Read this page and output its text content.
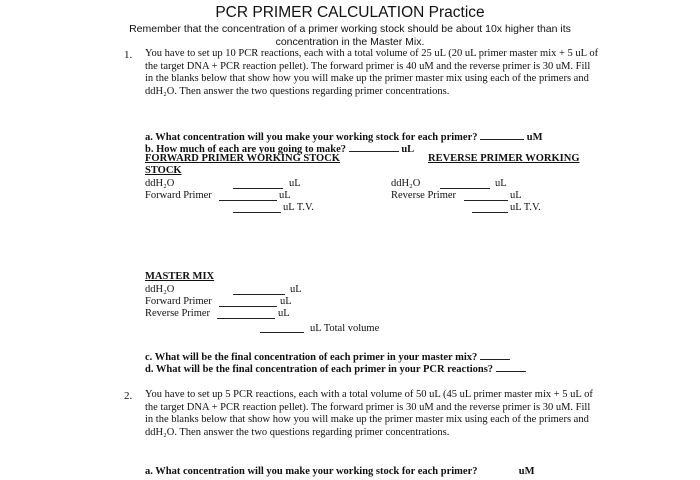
PCR PRIMER CALCULATION Practice
Remember that the concentration of a primer working stock should be about 10x higher than its
concentration in the Master Mix.
1. You have to set up 10 PCR reactions, each with a total volume of 25 uL (20 uL primer master mix + 5 uL of the target DNA + PCR reaction pellet). The forward primer is 40 uM and the reverse primer is 30 uM. Fill in the blanks below that show how you will make up the primer master mix using each of the primers and ddH₂O. Then answer the two questions regarding primer concentrations.
a. What concentration will you make your working stock for each primer?	uM
b. How much of each are you going to make?	uL
FORWARD PRIMER WORKING STOCK
STOCK
REVERSE PRIMER WORKING
ddH₂O	uL
Forward Primer	uL
uL T.V.
ddH₂O	uL
Reverse Primer	uL
uL T.V.
MASTER MIX
ddH₂O	uL
Forward Primer	uL
Reverse Primer	uL
uL Total volume
c. What will be the final concentration of each primer in your master mix?
d. What will be the final concentration of each primer in your PCR reactions?
2. You have to set up 5 PCR reactions, each with a total volume of 50 uL (45 uL primer master mix + 5 uL of the target DNA + PCR reaction pellet). The forward primer is 30 uM and the reverse primer is 30 uM. Fill in the blanks below that show how you will make up the primer master mix using each of the primers and ddH₂O. Then answer the two questions regarding primer concentrations.
a. What concentration will you make your working stock for each primer?	uM
